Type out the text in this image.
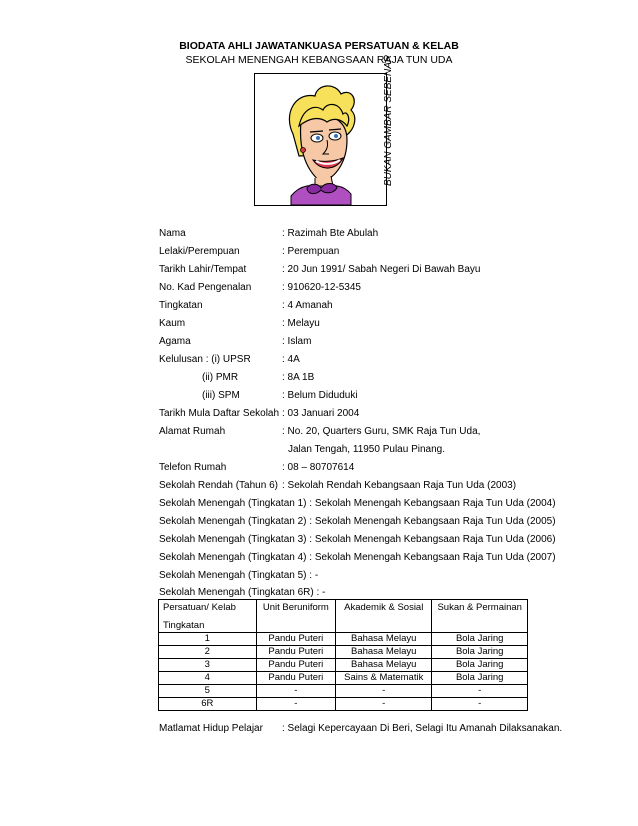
BIODATA AHLI JAWATANKUASA PERSATUAN & KELAB
SEKOLAH MENENGAH KEBANGSAAN RAJA TUN UDA
BUKAN GAMBAR SEBENAR
Nama	: Razimah Bte Abulah
Lelaki/Perempuan	: Perempuan
Tarikh Lahir/Tempat	: 20 Jun 1991/ Sabah Negeri Di Bawah Bayu
No. Kad Pengenalan	: 910620-12-5345
Tingkatan	: 4 Amanah
Kaum	: Melayu
Agama	: Islam
Kelulusan : (i) UPSR	: 4A
(ii) PMR	: 8A 1B
(iii) SPM	: Belum Diduduki
Tarikh Mula Daftar Sekolah : 03 Januari 2004
Alamat Rumah	: No. 20, Quarters Guru, SMK Raja Tun Uda,
Jalan Tengah, 11950 Pulau Pinang.
Telefon Rumah	: 08 – 80707614
Sekolah Rendah (Tahun 6) : Sekolah Rendah Kebangsaan Raja Tun Uda (2003)
Sekolah Menengah (Tingkatan 1) : Sekolah Menengah Kebangsaan Raja Tun Uda (2004)
Sekolah Menengah (Tingkatan 2) : Sekolah Menengah Kebangsaan Raja Tun Uda (2005)
Sekolah Menengah (Tingkatan 3) : Sekolah Menengah Kebangsaan Raja Tun Uda (2006)
Sekolah Menengah (Tingkatan 4) : Sekolah Menengah Kebangsaan Raja Tun Uda (2007)
Sekolah Menengah (Tingkatan 5) : -
Sekolah Menengah (Tingkatan 6R) : -
Persatuan/ Kelab
Tingkatan	Unit Beruniform	Akademik & Sosial	Sukan & Permainan
1	Pandu Puteri	Bahasa Melayu	Bola Jaring
2	Pandu Puteri	Bahasa Melayu	Bola Jaring
3	Pandu Puteri	Bahasa Melayu	Bola Jaring
4	Pandu Puteri	Sains & Matematik	Bola Jaring
5	-	-	-
6R	-	-	-
Matlamat Hidup Pelajar : Selagi Kepercayaan Di Beri, Selagi Itu Amanah Dilaksanakan.
